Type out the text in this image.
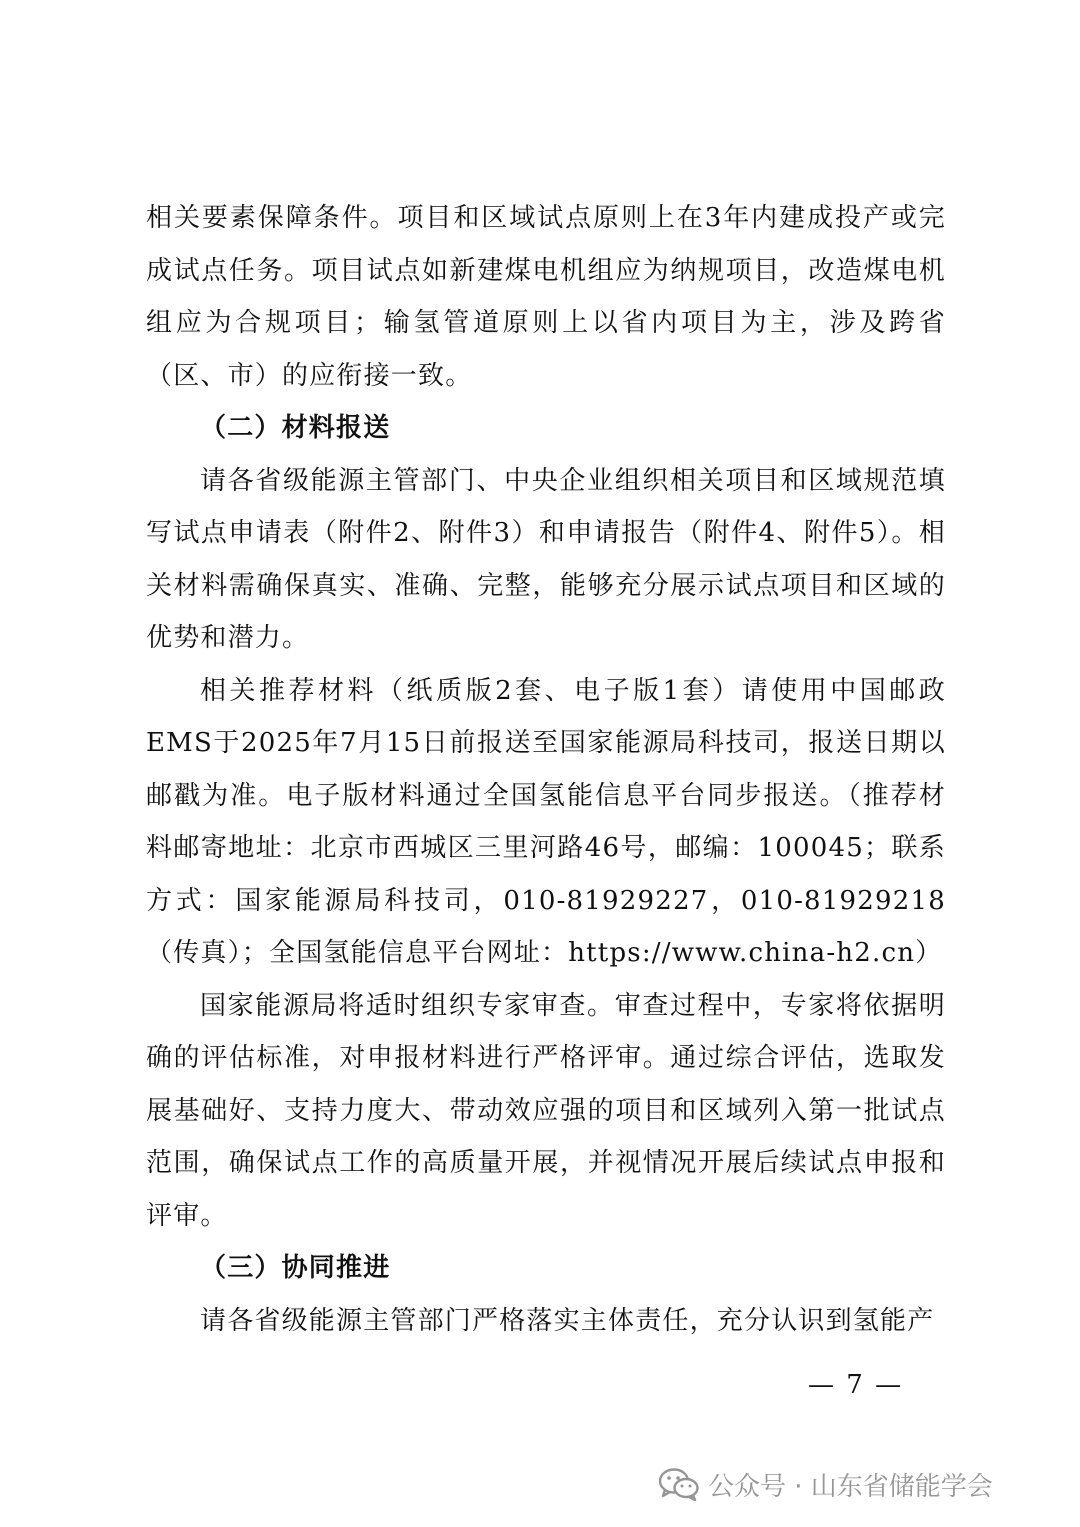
相关要素保障条件。项目和区域试点原则上在3年内建成投产或完成试点任务。项目试点如新建煤电机组应为纳规项目，改造煤电机组应为合规项目；输氢管道原则上以省内项目为主，涉及跨省（区、市）的应衔接一致。

（二）材料报送

请各省级能源主管部门、中央企业组织相关项目和区域规范填写试点申请表（附件2、附件3）和申请报告（附件4、附件5）。相关材料需确保真实、准确、完整，能够充分展示试点项目和区域的优势和潜力。

相关推荐材料（纸质版2套、电子版1套）请使用中国邮政EMS于2025年7月15日前报送至国家能源局科技司，报送日期以邮戳为准。电子版材料通过全国氢能信息平台同步报送。（推荐材料邮寄地址：北京市西城区三里河路46号，邮编：100045；联系方式：国家能源局科技司，010-81929227，010-81929218（传真）；全国氢能信息平台网址：https://www.china-h2.cn）

国家能源局将适时组织专家审查。审查过程中，专家将依据明确的评估标准，对申报材料进行严格评审。通过综合评估，选取发展基础好、支持力度大、带动效应强的项目和区域列入第一批试点范围，确保试点工作的高质量开展，并视情况开展后续试点申报和评审。

（三）协同推进

请各省级能源主管部门严格落实主体责任，充分认识到氢能产

— 7 —
公众号 · 山东省储能学会
